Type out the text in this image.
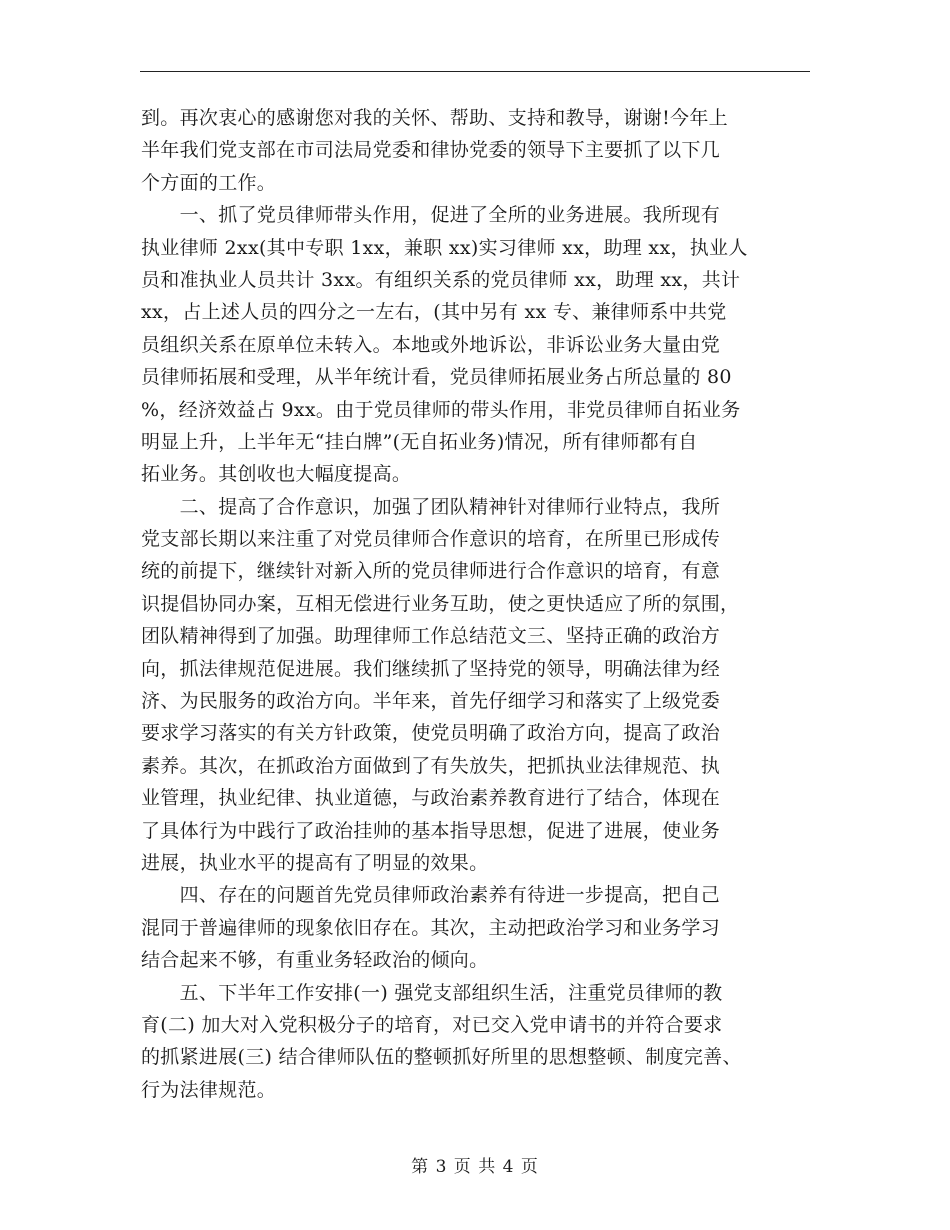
到。再次衷心的感谢您对我的关怀、帮助、支持和教导，谢谢!今年上
半年我们党支部在市司法局党委和律协党委的领导下主要抓了以下几
个方面的工作。
　　一、抓了党员律师带头作用，促进了全所的业务进展。我所现有
执业律师 2xx(其中专职 1xx，兼职 xx)实习律师 xx，助理 xx，执业人
员和准执业人员共计 3xx。有组织关系的党员律师 xx，助理 xx，共计
xx，占上述人员的四分之一左右，(其中另有 xx 专、兼律师系中共党
员组织关系在原单位未转入。本地或外地诉讼，非诉讼业务大量由党
员律师拓展和受理，从半年统计看，党员律师拓展业务占所总量的 80
%，经济效益占 9xx。由于党员律师的带头作用，非党员律师自拓业务
明显上升，上半年无“挂白牌”(无自拓业务)情况，所有律师都有自
拓业务。其创收也大幅度提高。
　　二、提高了合作意识，加强了团队精神针对律师行业特点，我所
党支部长期以来注重了对党员律师合作意识的培育，在所里已形成传
统的前提下，继续针对新入所的党员律师进行合作意识的培育，有意
识提倡协同办案，互相无偿进行业务互助，使之更快适应了所的氛围，
团队精神得到了加强。助理律师工作总结范文三、坚持正确的政治方
向，抓法律规范促进展。我们继续抓了坚持党的领导，明确法律为经
济、为民服务的政治方向。半年来，首先仔细学习和落实了上级党委
要求学习落实的有关方针政策，使党员明确了政治方向，提高了政治
素养。其次，在抓政治方面做到了有失放失，把抓执业法律规范、执
业管理，执业纪律、执业道德，与政治素养教育进行了结合，体现在
了具体行为中践行了政治挂帅的基本指导思想，促进了进展，使业务
进展，执业水平的提高有了明显的效果。
　　四、存在的问题首先党员律师政治素养有待进一步提高，把自己
混同于普遍律师的现象依旧存在。其次，主动把政治学习和业务学习
结合起来不够，有重业务轻政治的倾向。
　　五、下半年工作安排(一) 强党支部组织生活，注重党员律师的教
育(二) 加大对入党积极分子的培育，对已交入党申请书的并符合要求
的抓紧进展(三) 结合律师队伍的整顿抓好所里的思想整顿、制度完善、
行为法律规范。
第 3 页 共 4 页
